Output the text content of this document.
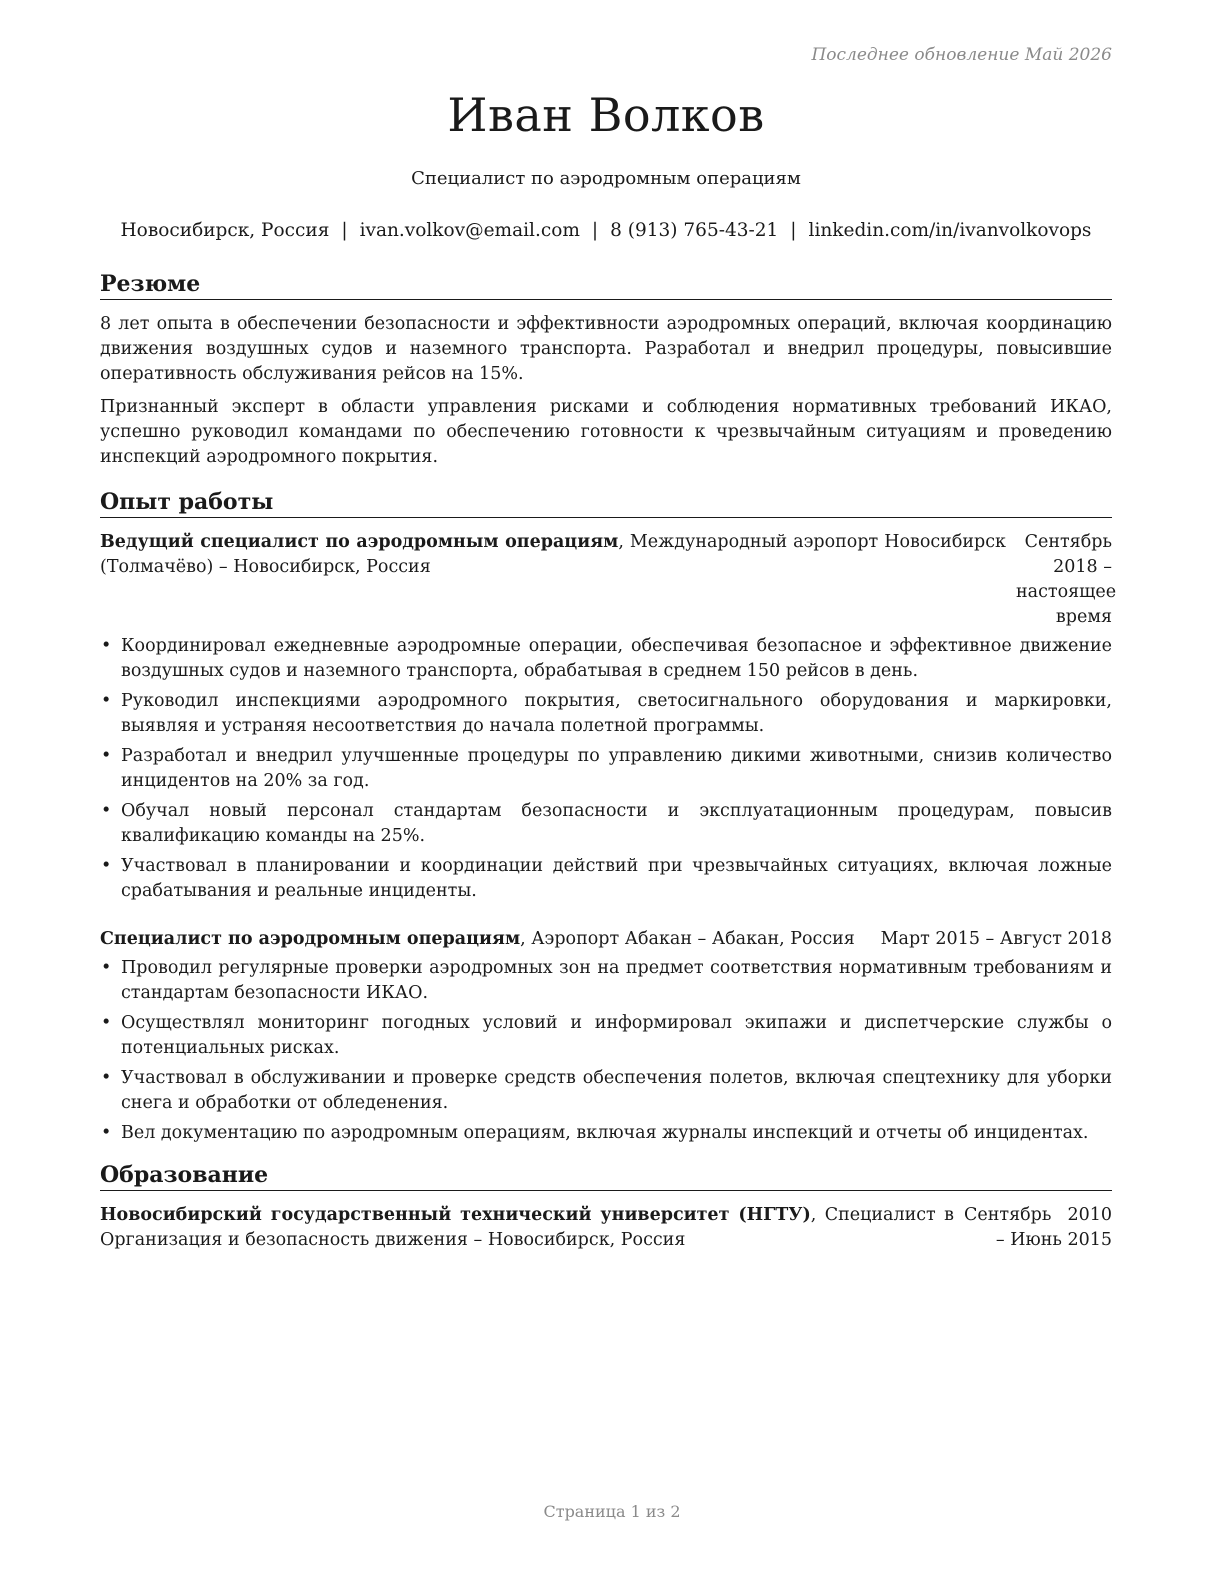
Последнее обновление Май 2026
Иван Волков
Специалист по аэродромным операциям
Новосибирск, Россия | ivan.volkov@email.com | 8 (913) 765-43-21 | linkedin.com/in/ivanvolkovops
Резюме

8 лет опыта в обеспечении безопасности и эффективности аэродромных операций, включая координацию движения воздушных судов и наземного транспорта. Разработал и внедрил процедуры, повысившие оперативность обслуживания рейсов на 15%.

Признанный эксперт в области управления рисками и соблюдения нормативных требований ИКАО, успешно руководил командами по обеспечению готовности к чрезвычайным ситуациям и проведению инспекций аэродромного покрытия.

Опыт работы
Ведущий специалист по аэродромным операциям, Международный аэропорт Новосибирск (Толмачёво) – Новосибирск, Россия
Сентябрь 2018 – настоящее время
• Координировал ежедневные аэродромные операции, обеспечивая безопасное и эффективное движение воздушных судов и наземного транспорта, обрабатывая в среднем 150 рейсов в день.
• Руководил инспекциями аэродромного покрытия, светосигнального оборудования и маркировки, выявляя и устраняя несоответствия до начала полетной программы.
• Разработал и внедрил улучшенные процедуры по управлению дикими животными, снизив количество инцидентов на 20% за год.
• Обучал новый персонал стандартам безопасности и эксплуатационным процедурам, повысив квалификацию команды на 25%.
• Участвовал в планировании и координации действий при чрезвычайных ситуациях, включая ложные срабатывания и реальные инциденты.
Специалист по аэродромным операциям, Аэропорт Абакан – Абакан, Россия	Март 2015 – Август 2018
• Проводил регулярные проверки аэродромных зон на предмет соответствия нормативным требованиям и стандартам безопасности ИКАО.
• Осуществлял мониторинг погодных условий и информировал экипажи и диспетчерские службы о потенциальных рисках.
• Участвовал в обслуживании и проверке средств обеспечения полетов, включая спецтехнику для уборки снега и обработки от обледенения.
• Вел документацию по аэродромным операциям, включая журналы инспекций и отчеты об инцидентах.
Образование
Новосибирский государственный технический университет (НГТУ), Специалист в Организация и безопасность движения – Новосибирск, Россия
Сентябрь 2010 – Июнь 2015
Страница 1 из 2
